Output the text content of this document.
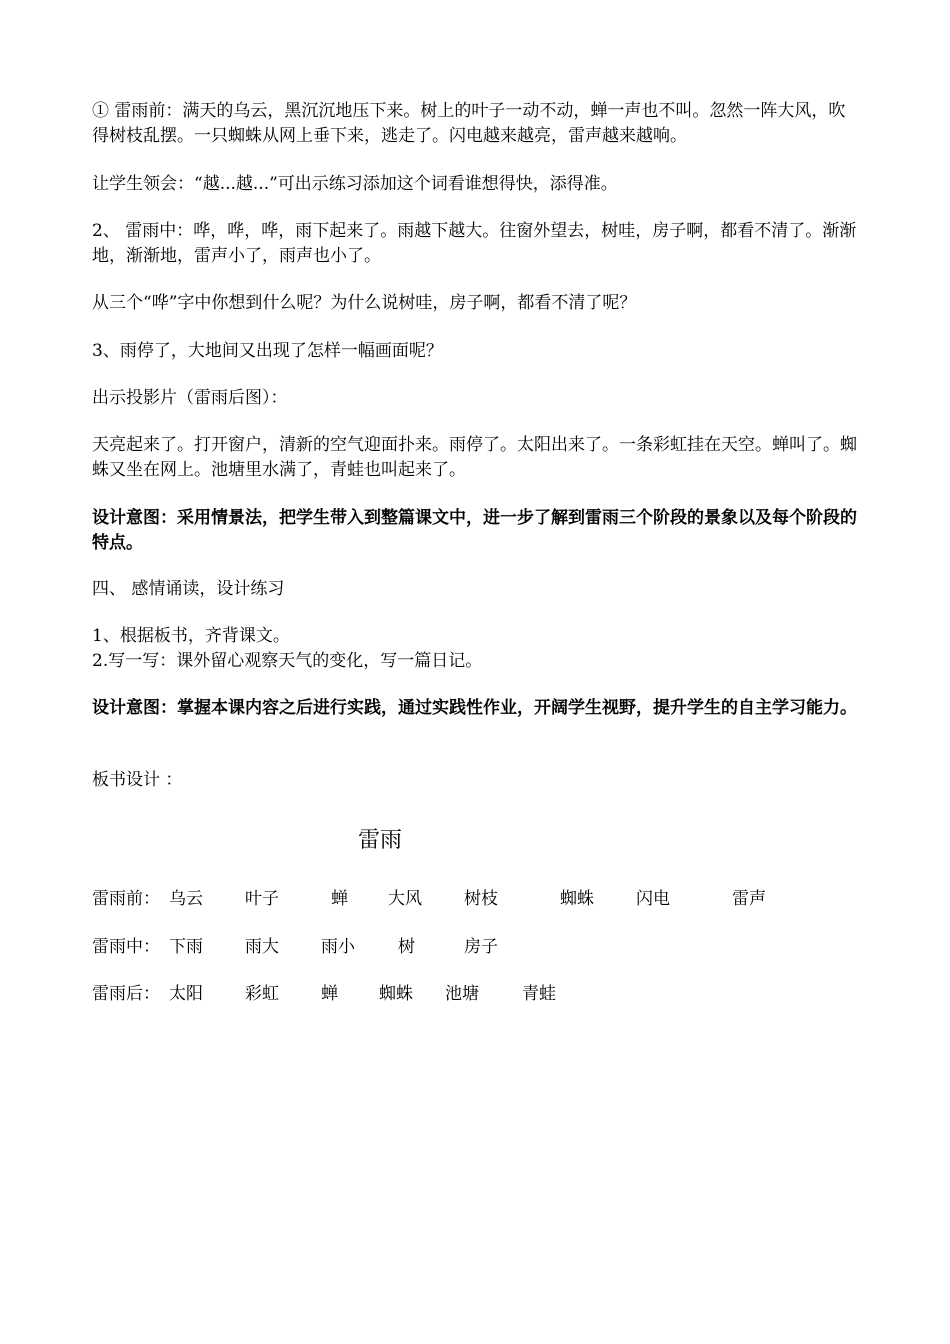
① 雷雨前：满天的乌云，黑沉沉地压下来。树上的叶子一动不动，蝉一声也不叫。忽然一阵大风，吹得树枝乱摆。一只蜘蛛从网上垂下来，逃走了。闪电越来越亮，雷声越来越响。

让学生领会：“越...越...”可出示练习添加这个词看谁想得快，添得准。

2、 雷雨中：哗，哗，哗，雨下起来了。雨越下越大。往窗外望去，树哇，房子啊，都看不清了。渐渐地，渐渐地，雷声小了，雨声也小了。

从三个“哗”字中你想到什么呢？为什么说树哇，房子啊，都看不清了呢？

3、雨停了，大地间又出现了怎样一幅画面呢？

出示投影片（雷雨后图）：

天亮起来了。打开窗户，清新的空气迎面扑来。雨停了。太阳出来了。一条彩虹挂在天空。蝉叫了。蜘蛛又坐在网上。池塘里水满了，青蛙也叫起来了。

设计意图：采用情景法，把学生带入到整篇课文中，进一步了解到雷雨三个阶段的景象以及每个阶段的特点。

四、 感情诵读，设计练习

1、根据板书，齐背课文。

2.写一写：课外留心观察天气的变化，写一篇日记。

设计意图：掌握本课内容之后进行实践，通过实践性作业，开阔学生视野，提升学生的自主学习能力。

板书设计 ：

雷雨
雷雨前： 乌云 叶子	蝉 大风 树枝	蜘蛛 闪电	雷声
雷雨中： 下雨 雨大 雨小	树	房子
雷雨后： 太阳 彩虹 蝉 蜘蛛 池塘	青蛙
